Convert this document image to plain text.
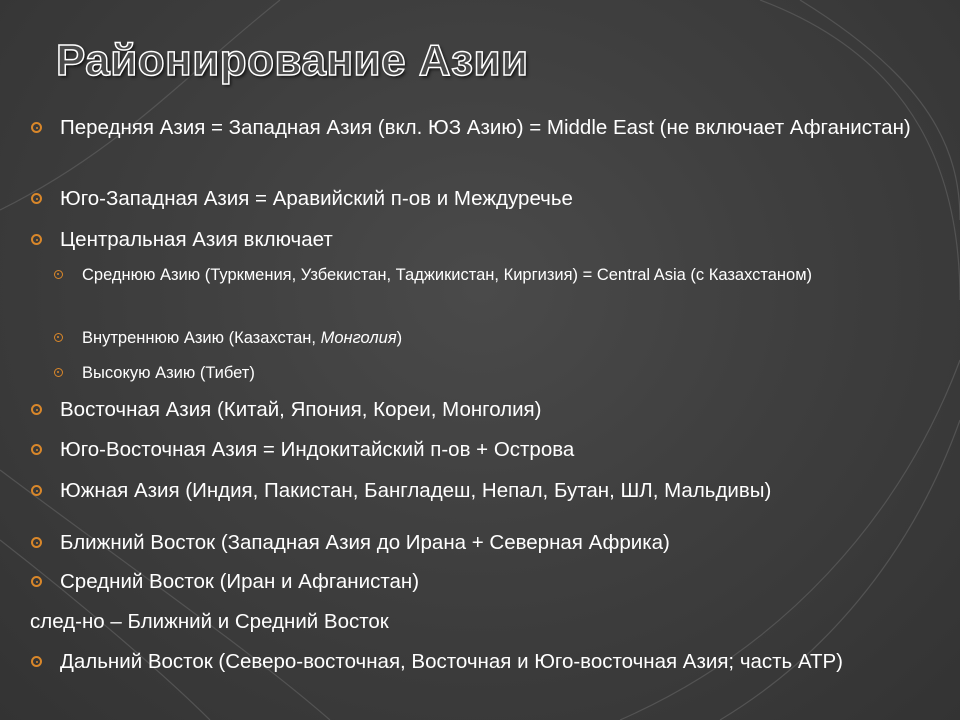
Районирование Азии
Передняя Азия = Западная Азия (вкл. ЮЗ Азию) = Middle East (не включает Афганистан)
Юго-Западная Азия = Аравийский п-ов и Междуречье
Центральная Азия включает
Среднюю Азию (Туркмения, Узбекистан, Таджикистан, Киргизия) = Central Asia (с Казахстаном)
Внутреннюю Азию (Казахстан, Монголия)
Высокую Азию (Тибет)
Восточная Азия (Китай, Япония, Кореи, Монголия)
Юго-Восточная Азия = Индокитайский п-ов + Острова
Южная Азия (Индия, Пакистан, Бангладеш, Непал, Бутан, ШЛ, Мальдивы)
Ближний Восток (Западная Азия до Ирана + Северная Африка)
Средний Восток (Иран и Афганистан)
след-но – Ближний и Средний Восток
Дальний Восток (Северо-восточная, Восточная и Юго-восточная Азия; часть АТР)
